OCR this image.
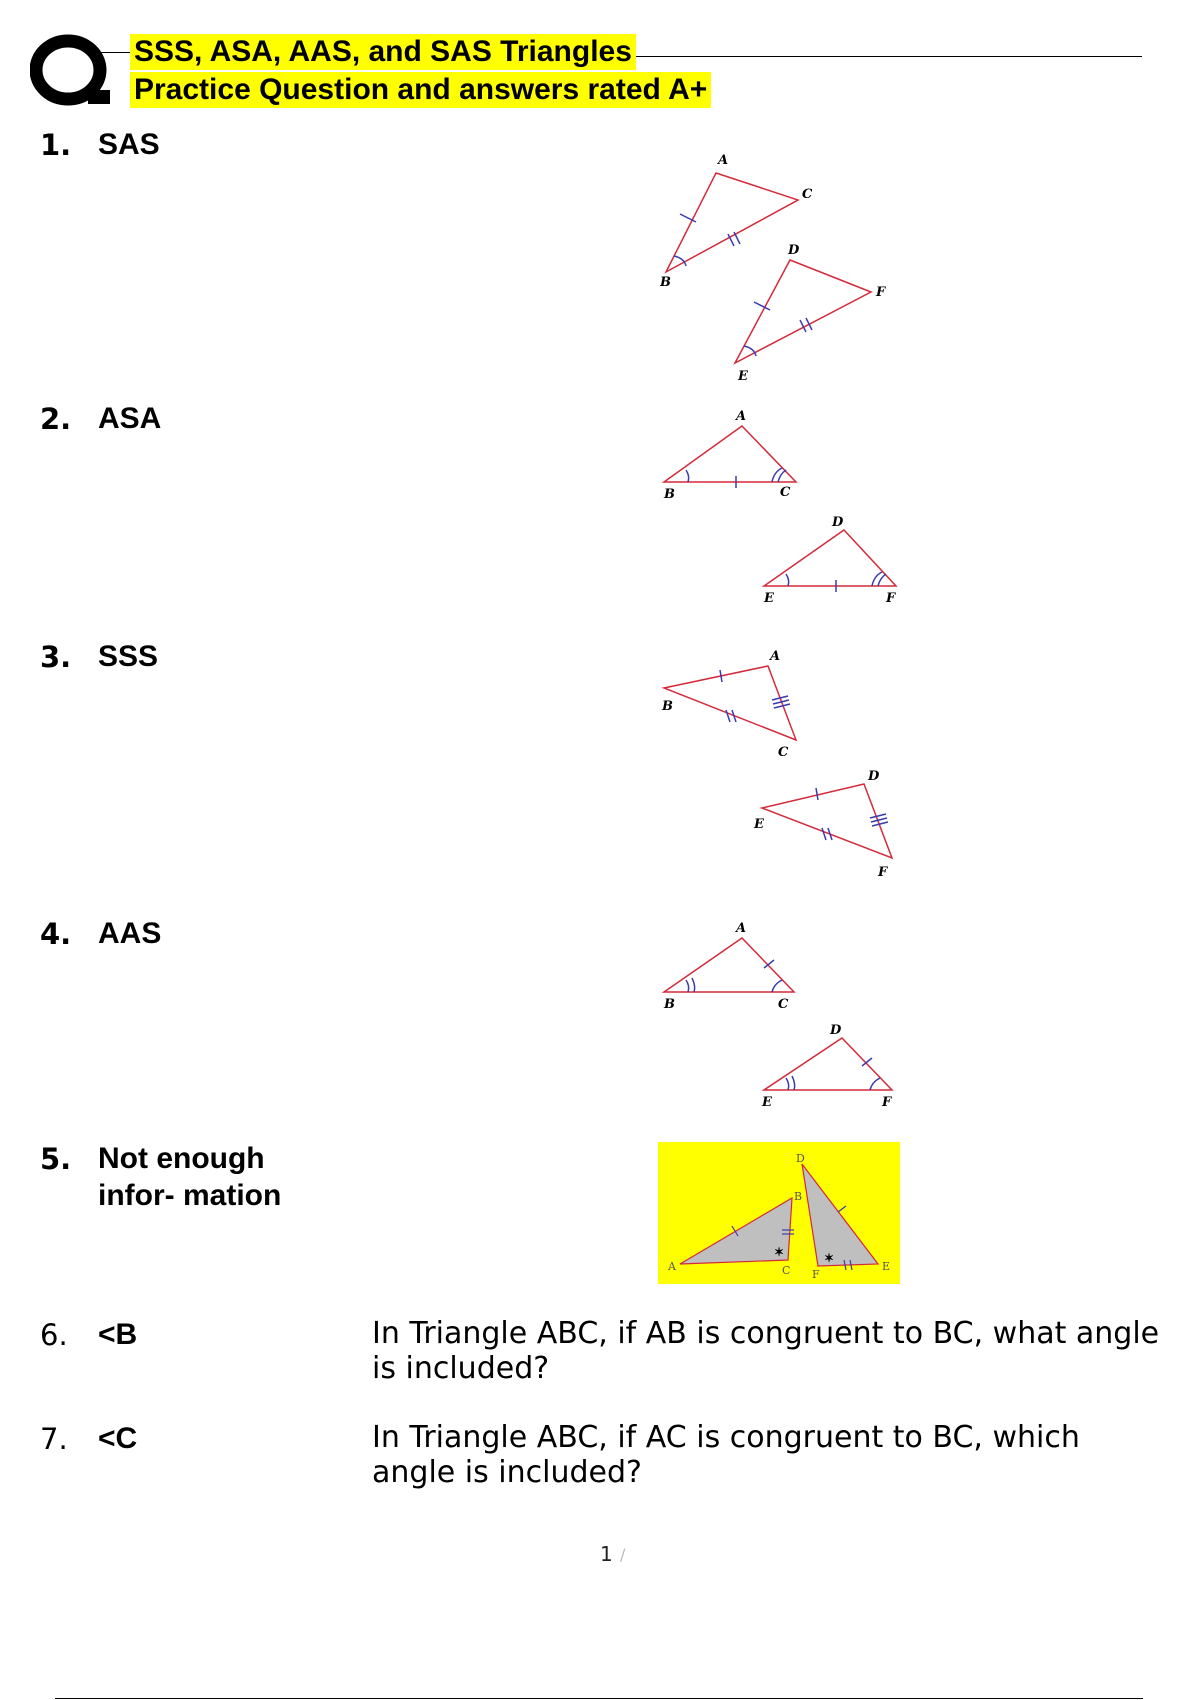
SSS, ASA, AAS, and SAS Triangles
Practice Question and answers rated A+
1. SAS	A
B
C
D
E
F
2. ASA	A
B	C
D
E	F
3. SSS	A
B
C
D
E
F
4. AAS	A
B	C
D
E	F
5. Not enough
infor- mation
✶	✶
A
B
C
D
E
F
6. <B	In Triangle ABC, if AB is congruent to BC, what angle is included?
7. <C	In Triangle ABC, if AC is congruent to BC, which angle is included?
1 /
